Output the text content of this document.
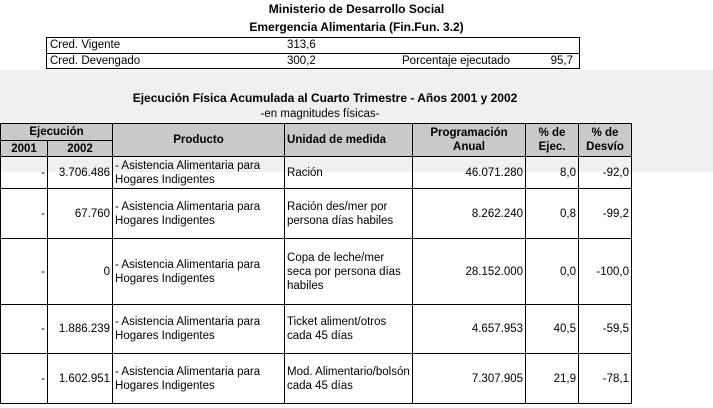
Ministerio de Desarrollo Social
Emergencia Alimentaria (Fin.Fun. 3.2)
Cred. Vigente	313,6
Cred. Devengado	300,2	Porcentaje ejecutado	95,7
Ejecución Física Acumulada al Cuarto Trimestre - Años 2001 y 2002
-en magnitudes físicas-
Ejecución		Producto	Unidad de medida	Programación Anual	% de Ejec.	% de Desvío
2001	2002					
-	3.706.486	- Asistencia Alimentaria para Hogares Indigentes	Ración	46.071.280	8,0	-92,0
-	67.760	- Asistencia Alimentaria para Hogares Indigentes	Ración des/mer por persona días habiles	8.262.240	0,8	-99,2
-	0	- Asistencia Alimentaria para Hogares Indigentes	Copa de leche/mer seca por persona días habiles	28.152.000	0,0	-100,0
-	1.886.239	- Asistencia Alimentaria para Hogares Indigentes	Ticket aliment/otros cada 45 días	4.657.953	40,5	-59,5
-	1.602.951	- Asistencia Alimentaria para Hogares Indigentes	Mod. Alimentario/bolsón cada 45 días	7.307.905	21,9	-78,1
